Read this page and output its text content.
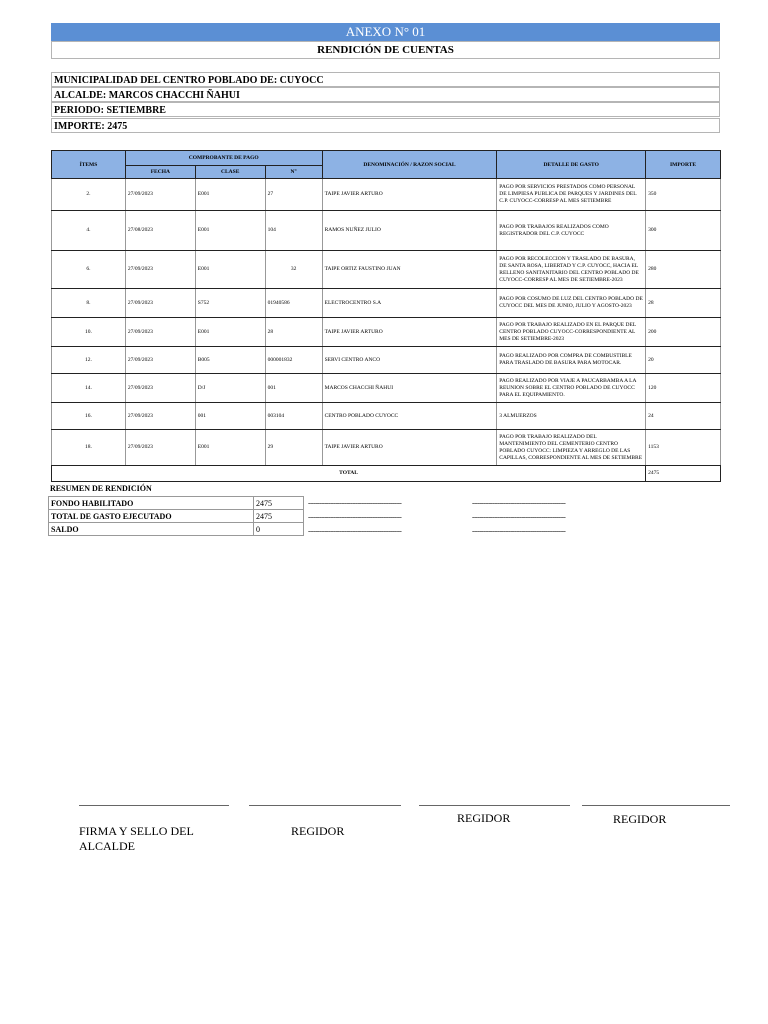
ANEXO N° 01
RENDICIÓN DE CUENTAS
MUNICIPALIDAD DEL CENTRO POBLADO DE: CUYOCC
ALCALDE: MARCOS CHACCHI ÑAHUI
PERIODO: SETIEMBRE
IMPORTE: 2475
ÍTEMS	COMPROBANTE DE PAGO			DENOMINACIÓN / RAZON SOCIAL	DETALLE DE GASTO	IMPORTE
	FECHA	CLASE	N°			
2.	27/09/2023	E001	27	TAIPE JAVIER ARTURO	PAGO POR SERVICIOS PRESTADOS COMO PERSONAL DE LIMPIESA PUBLICA DE PARQUES Y JARDINES DEL C.P. CUYOCC-CORRESP AL MES SETIEMBRE	350
4.	27/08/2023	E001	104	RAMOS NUÑEZ JULIO	PAGO POR TRABAJOS REALIZADOS COMO REGISTRADOR DEL C.P. CUYOCC	300
6.	27/09/2023	E001	32	TAIPE ORTIZ FAUSTINO JUAN	PAGO POR RECOLECCION Y TRASLADO DE BASURA, DE SANTA ROSA, LIBERTAD Y C.P. CUYOCC, HACIA EL RELLENO SANITANITARIO DEL CENTRO POBLADO DE CUYOCC-CORRESP AL MES DE SETIEMBRE-2023	280
8.	27/09/2023	S752	01940586	ELECTROCENTRO S.A	PAGO POR COSUMO DE LUZ DEL CENTRO POBLADO DE CUYOCC DEL MES DE JUNIO, JULIO Y AGOSTO-2023	28
10.	27/09/2023	E001	28	TAIPE JAVIER ARTURO	PAGO POR TRABAJO REALIZADO EN EL PARQUE DEL CENTRO POBLADO CUYOCC-CORRESPONDIENTE AL MES DE SETIEMBRE-2023	200
12.	27/09/2023	B005	000001832	SERVI CENTRO ANCO	PAGO REALIZADO POR COMPRA DE COMBUSTIBLE PARA TRASLADO DE BASURA PARA MOTOCAR.	20
14.	27/09/2023	D/J	001	MARCOS CHACCHI ÑAHUI	PAGO REALIZADO POR VIAJE A PAUCARBAMBA A LA REUNION SOBRE EL CENTRO POBLADO DE CUYOCC PARA EL EQUIPAMIENTO.	120
16.	27/09/2023	001	003104	CENTRO POBLADO CUYOCC	3 ALMUERZOS	24
18.	27/09/2023	E001	29	TAIPE JAVIER ARTURO	PAGO POR TRABAJO REALIZADO DEL MANTENIMIENTO DEL CEMENTERIO CENTRO POBLADO CUYOCC: LIMPIEZA Y ARREGLO DE LAS CAPILLAS, CORRESPONDIENTE AL MES DE SETIEMBRE	1153
TOTAL						2475
RESUMEN DE RENDICIÓN
FONDO HABILITADO	2475
TOTAL DE GASTO EJECUTADO	2475
SALDO	0
---------------------------------------------------
---------------------------------------------------
---------------------------------------------------
---------------------------------------------------
---------------------------------------------------
---------------------------------------------------
FIRMA Y SELLO DEL
ALCALDE
REGIDOR
REGIDOR	REGIDOR
